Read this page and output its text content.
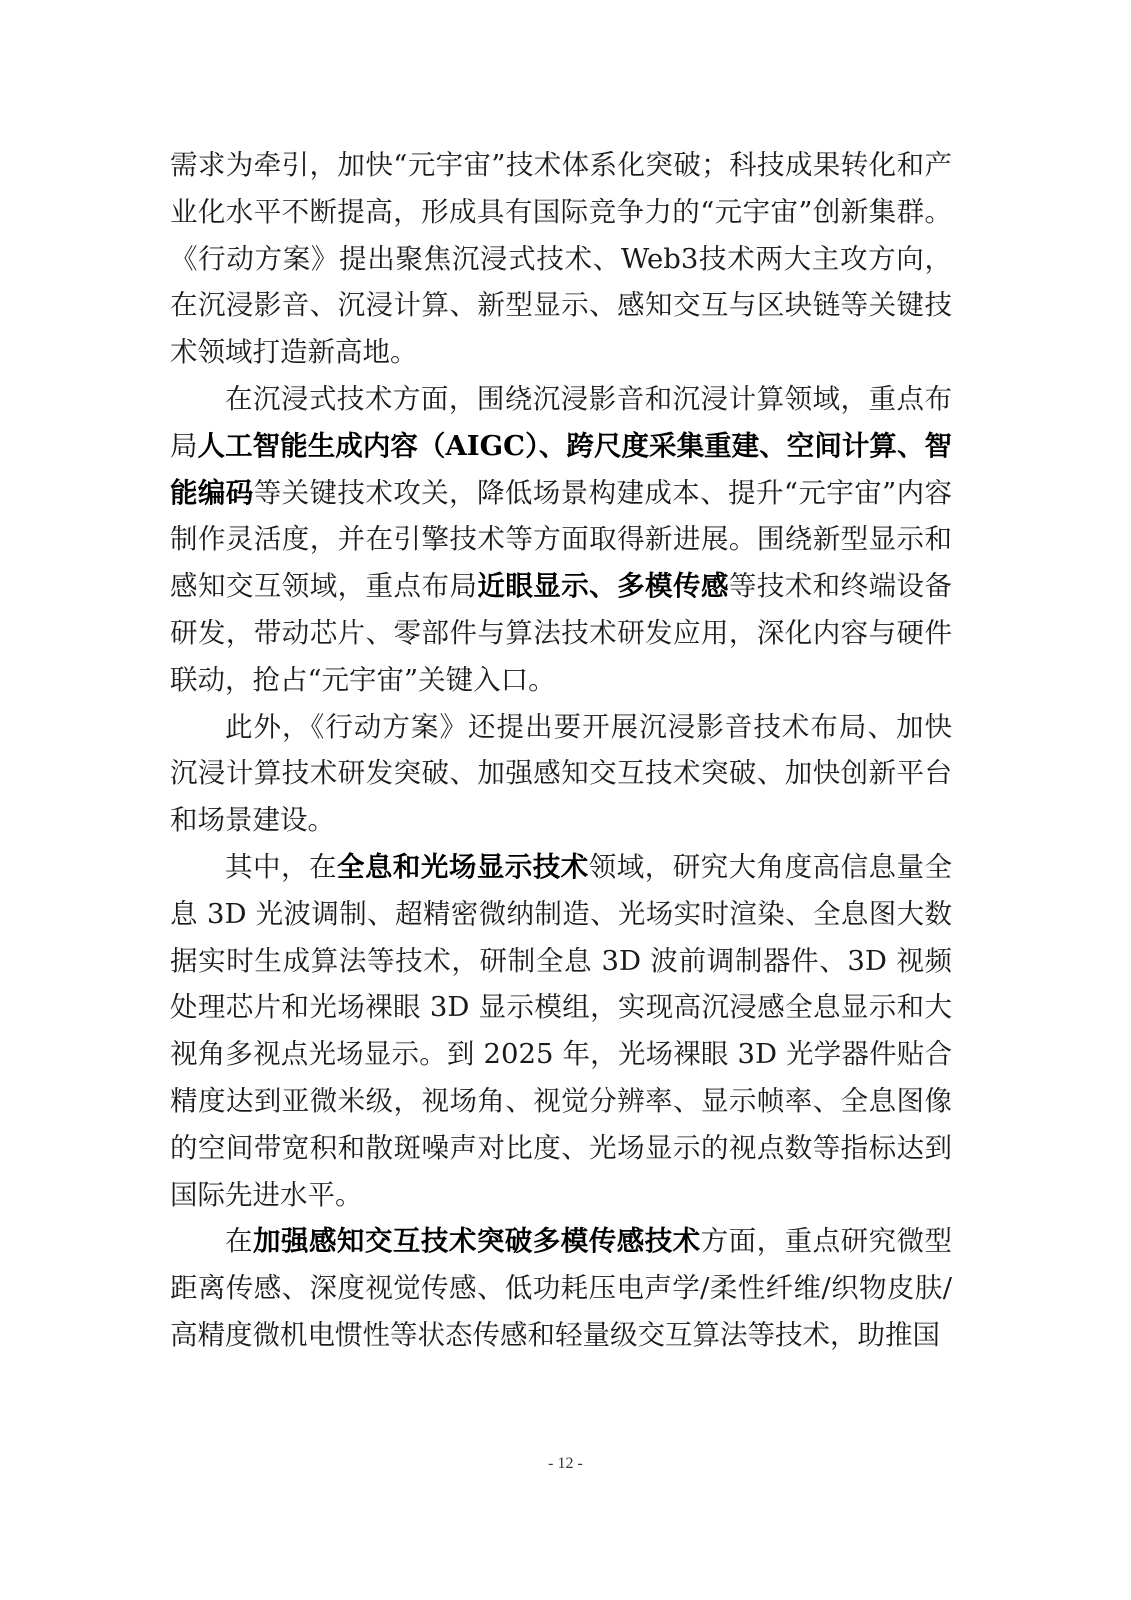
需求为牵引，加快“元宇宙”技术体系化突破；科技成果转化和产业化水平不断提高，形成具有国际竞争力的“元宇宙”创新集群。《行动方案》提出聚焦沉浸式技术、Web3技术两大主攻方向，在沉浸影音、沉浸计算、新型显示、感知交互与区块链等关键技术领域打造新高地。

在沉浸式技术方面，围绕沉浸影音和沉浸计算领域，重点布局人工智能生成内容（AIGC）、跨尺度采集重建、空间计算、智能编码等关键技术攻关，降低场景构建成本、提升“元宇宙”内容制作灵活度，并在引擎技术等方面取得新进展。围绕新型显示和感知交互领域，重点布局近眼显示、多模传感等技术和终端设备研发，带动芯片、零部件与算法技术研发应用，深化内容与硬件联动，抢占“元宇宙”关键入口。

此外，《行动方案》还提出要开展沉浸影音技术布局、加快沉浸计算技术研发突破、加强感知交互技术突破、加快创新平台和场景建设。

其中，在全息和光场显示技术领域，研究大角度高信息量全息 3D 光波调制、超精密微纳制造、光场实时渲染、全息图大数据实时生成算法等技术，研制全息 3D 波前调制器件、3D 视频处理芯片和光场裸眼 3D 显示模组，实现高沉浸感全息显示和大视角多视点光场显示。到 2025 年，光场裸眼 3D 光学器件贴合精度达到亚微米级，视场角、视觉分辨率、显示帧率、全息图像的空间带宽积和散斑噪声对比度、光场显示的视点数等指标达到国际先进水平。

在加强感知交互技术突破多模传感技术方面，重点研究微型距离传感、深度视觉传感、低功耗压电声学/柔性纤维/织物皮肤/高精度微机电惯性等状态传感和轻量级交互算法等技术，助推国

- 12 -
